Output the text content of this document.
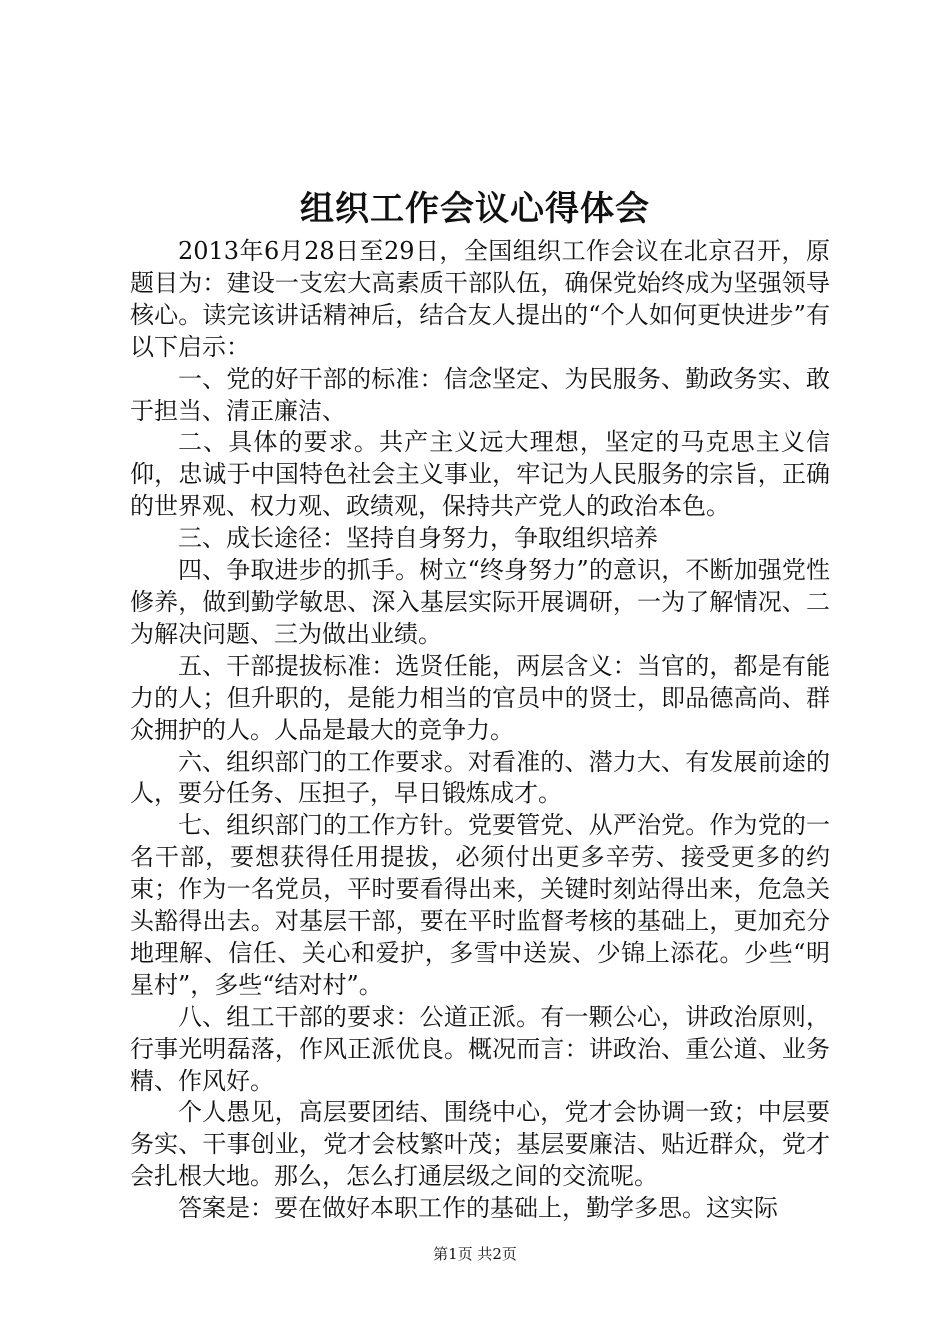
组织工作会议心得体会

2013年6月28日至29日，全国组织工作会议在北京召开，原题目为：建设一支宏大高素质干部队伍，确保党始终成为坚强领导核心。读完该讲话精神后，结合友人提出的“个人如何更快进步”有以下启示：

一、党的好干部的标准：信念坚定、为民服务、勤政务实、敢于担当、清正廉洁、

二、具体的要求。共产主义远大理想，坚定的马克思主义信仰，忠诚于中国特色社会主义事业，牢记为人民服务的宗旨，正确的世界观、权力观、政绩观，保持共产党人的政治本色。

三、成长途径：坚持自身努力，争取组织培养

四、争取进步的抓手。树立“终身努力”的意识，不断加强党性修养，做到勤学敏思、深入基层实际开展调研，一为了解情况、二为解决问题、三为做出业绩。

五、干部提拔标准：选贤任能，两层含义：当官的，都是有能力的人；但升职的，是能力相当的官员中的贤士，即品德高尚、群众拥护的人。人品是最大的竞争力。

六、组织部门的工作要求。对看准的、潜力大、有发展前途的人，要分任务、压担子，早日锻炼成才。

七、组织部门的工作方针。党要管党、从严治党。作为党的一名干部，要想获得任用提拔，必须付出更多辛劳、接受更多的约束；作为一名党员，平时要看得出来，关键时刻站得出来，危急关头豁得出去。对基层干部，要在平时监督考核的基础上，更加充分地理解、信任、关心和爱护，多雪中送炭、少锦上添花。少些“明星村”，多些“结对村”。

八、组工干部的要求：公道正派。有一颗公心，讲政治原则，行事光明磊落，作风正派优良。概况而言：讲政治、重公道、业务精、作风好。

个人愚见，高层要团结、围绕中心，党才会协调一致；中层要务实、干事创业，党才会枝繁叶茂；基层要廉洁、贴近群众，党才会扎根大地。那么，怎么打通层级之间的交流呢。

答案是：要在做好本职工作的基础上，勤学多思。这实际

第1页 共2页
